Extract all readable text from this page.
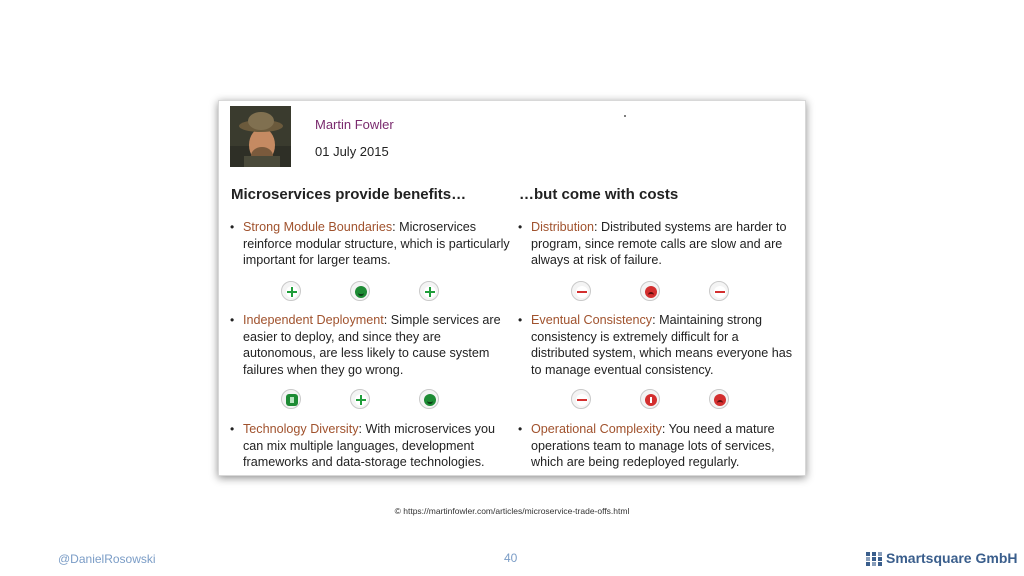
Martin Fowler
01 July 2015
Microservices provide benefits…	…but come with costs
• Strong Module Boundaries: Microservices reinforce modular structure, which is particularly important for larger teams.
• Independent Deployment: Simple services are easier to deploy, and since they are autonomous, are less likely to cause system failures when they go wrong.
• Technology Diversity: With microservices you can mix multiple languages, development frameworks and data-storage technologies.
• Distribution: Distributed systems are harder to program, since remote calls are slow and are always at risk of failure.
• Eventual Consistency: Maintaining strong consistency is extremely difficult for a distributed system, which means everyone has to manage eventual consistency.
• Operational Complexity: You need a mature operations team to manage lots of services, which are being redeployed regularly.
© https://martinfowler.com/articles/microservice-trade-offs.html
@DanielRosowski	40	Smartsquare GmbH
